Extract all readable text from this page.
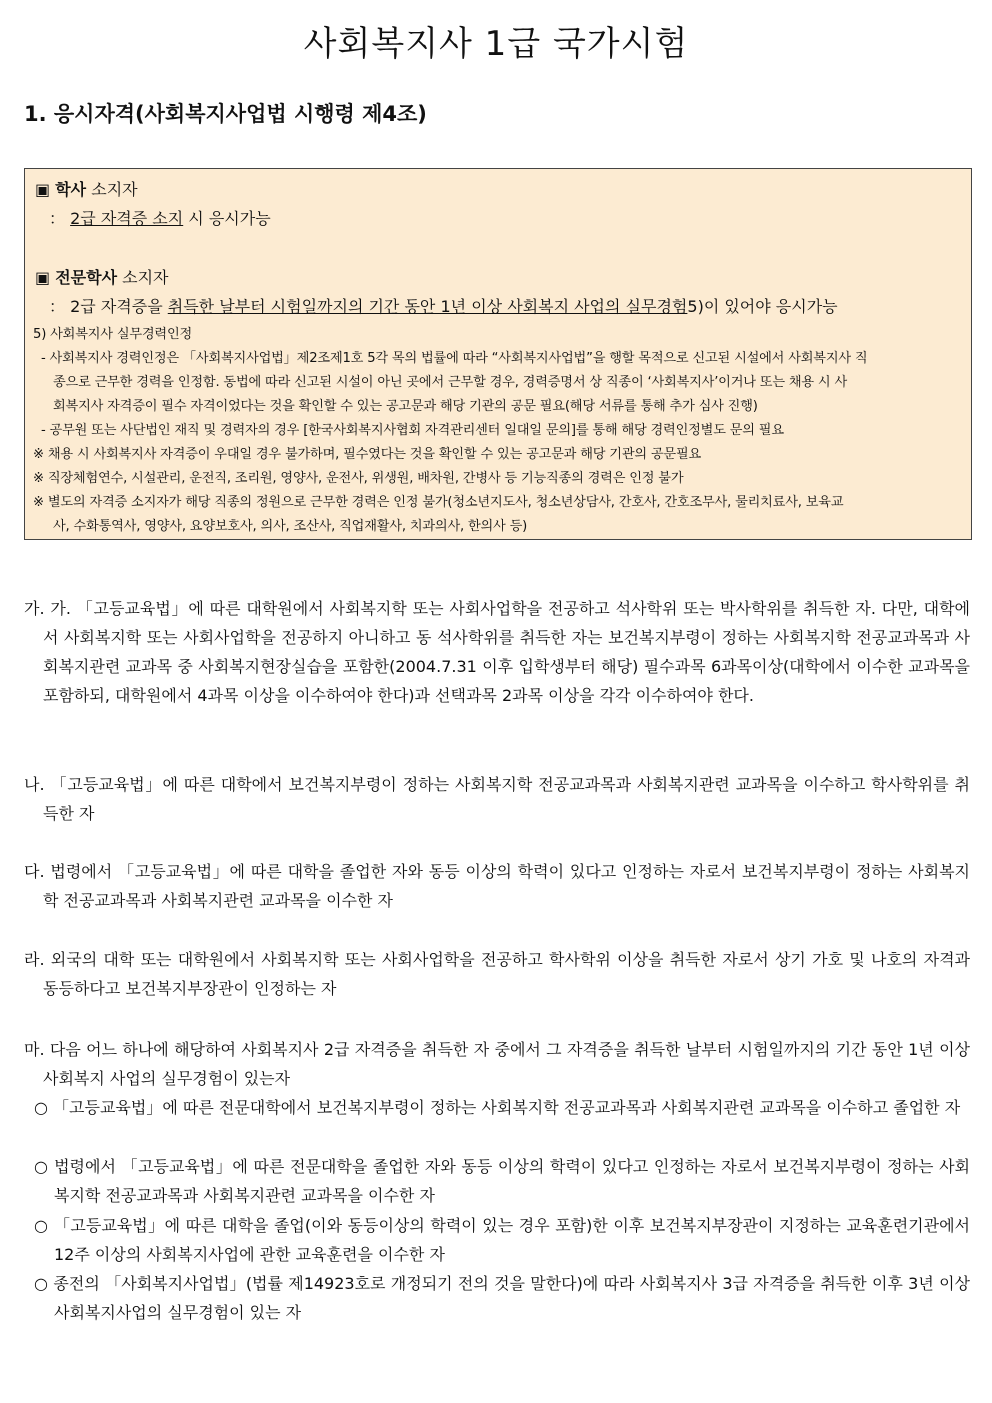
사회복지사 1급 국가시험
1. 응시자격(사회복지사업법 시행령 제4조)
▣ 학사 소지자
： 2급 자격증 소지 시 응시가능
▣ 전문학사 소지자
： 2급 자격증을 취득한 날부터 시험일까지의 기간 동안 1년 이상 사회복지 사업의 실무경험5)이 있어야 응시가능
5) 사회복지사 실무경력인정
- 사회복지사 경력인정은 「사회복지사업법」제2조제1호 5각 목의 법률에 따라 “사회복지사업법”을 행할 목적으로 신고된 시설에서 사회복지사 직
종으로 근무한 경력을 인정함. 동법에 따라 신고된 시설이 아닌 곳에서 근무할 경우, 경력증명서 상 직종이 ‘사회복지사’이거나 또는 채용 시 사
회복지사 자격증이 필수 자격이었다는 것을 확인할 수 있는 공고문과 해당 기관의 공문 필요(해당 서류를 통해 추가 심사 진행)
- 공무원 또는 사단법인 재직 및 경력자의 경우 [한국사회복지사협회 자격관리센터 일대일 문의]를 통해 해당 경력인정별도 문의 필요
※ 채용 시 사회복지사 자격증이 우대일 경우 불가하며, 필수였다는 것을 확인할 수 있는 공고문과 해당 기관의 공문필요
※ 직장체험연수, 시설관리, 운전직, 조리원, 영양사, 운전사, 위생원, 배차원, 간병사 등 기능직종의 경력은 인정 불가
※ 별도의 자격증 소지자가 해당 직종의 정원으로 근무한 경력은 인정 불가(청소년지도사, 청소년상담사, 간호사, 간호조무사, 물리치료사, 보육교
사, 수화통역사, 영양사, 요양보호사, 의사, 조산사, 직업재활사, 치과의사, 한의사 등)
가. 가. 「고등교육법」에 따른 대학원에서 사회복지학 또는 사회사업학을 전공하고 석사학위 또는 박사학위를 취득한 자. 다만, 대학에서 사회복지학 또는 사회사업학을 전공하지 아니하고 동 석사학위를 취득한 자는 보건복지부령이 정하는 사회복지학 전공교과목과 사회복지관련 교과목 중 사회복지현장실습을 포함한(2004.7.31 이후 입학생부터 해당) 필수과목 6과목이상(대학에서 이수한 교과목을 포함하되, 대학원에서 4과목 이상을 이수하여야 한다)과 선택과목 2과목 이상을 각각 이수하여야 한다.
나. 「고등교육법」에 따른 대학에서 보건복지부령이 정하는 사회복지학 전공교과목과 사회복지관련 교과목을 이수하고 학사학위를 취득한 자
다. 법령에서 「고등교육법」에 따른 대학을 졸업한 자와 동등 이상의 학력이 있다고 인정하는 자로서 보건복지부령이 정하는 사회복지학 전공교과목과 사회복지관련 교과목을 이수한 자
라. 외국의 대학 또는 대학원에서 사회복지학 또는 사회사업학을 전공하고 학사학위 이상을 취득한 자로서 상기 가호 및 나호의 자격과 동등하다고 보건복지부장관이 인정하는 자
마. 다음 어느 하나에 해당하여 사회복지사 2급 자격증을 취득한 자 중에서 그 자격증을 취득한 날부터 시험일까지의 기간 동안 1년 이상 사회복지 사업의 실무경험이 있는자
○ 「고등교육법」에 따른 전문대학에서 보건복지부령이 정하는 사회복지학 전공교과목과 사회복지관련 교과목을 이수하고 졸업한 자
○ 법령에서 「고등교육법」에 따른 전문대학을 졸업한 자와 동등 이상의 학력이 있다고 인정하는 자로서 보건복지부령이 정하는 사회복지학 전공교과목과 사회복지관련 교과목을 이수한 자
○ 「고등교육법」에 따른 대학을 졸업(이와 동등이상의 학력이 있는 경우 포함)한 이후 보건복지부장관이 지정하는 교육훈련기관에서 12주 이상의 사회복지사업에 관한 교육훈련을 이수한 자
○ 종전의 「사회복지사업법」(법률 제14923호로 개정되기 전의 것을 말한다)에 따라 사회복지사 3급 자격증을 취득한 이후 3년 이상 사회복지사업의 실무경험이 있는 자
